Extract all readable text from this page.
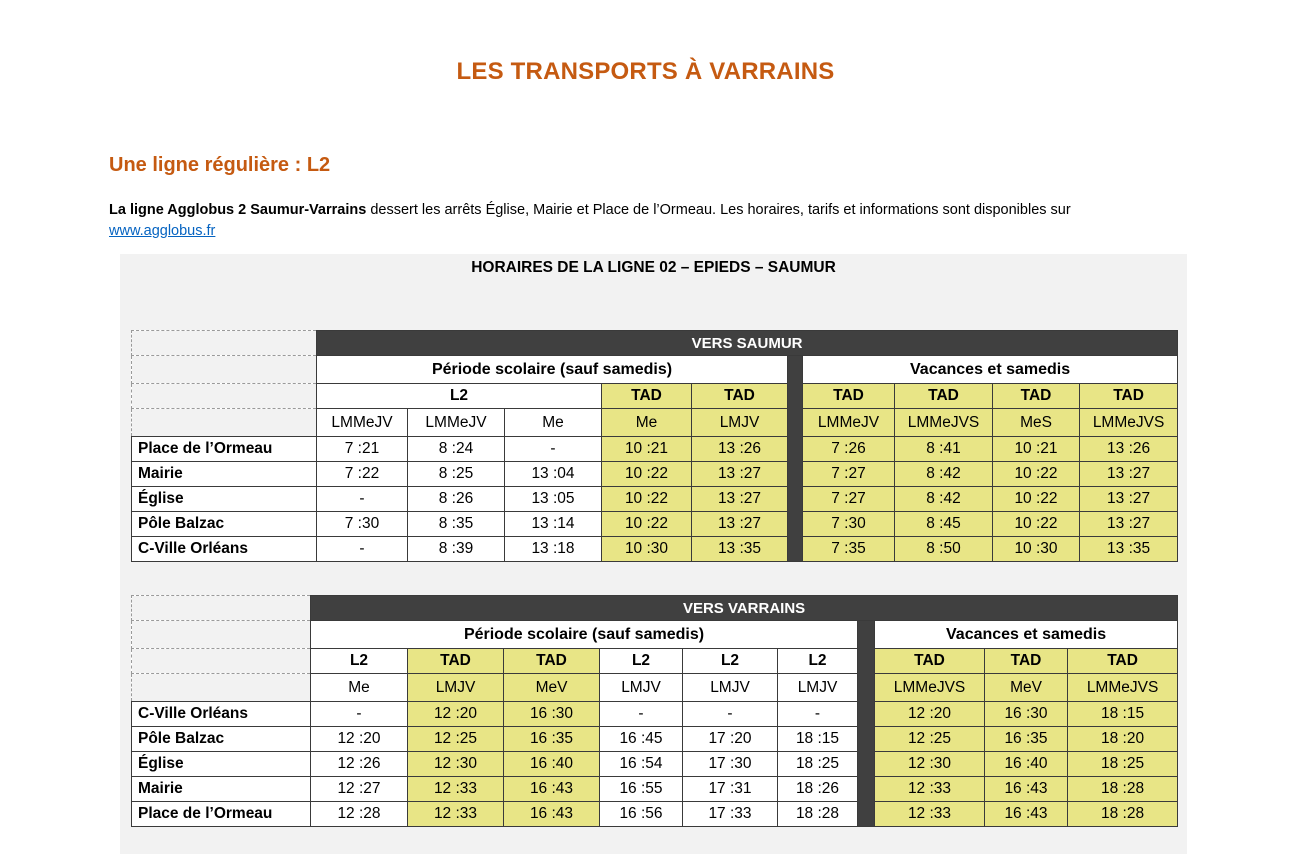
LES TRANSPORTS À VARRAINS
Une ligne régulière : L2
La ligne Agglobus 2 Saumur-Varrains dessert les arrêts Église, Mairie et Place de l’Ormeau. Les horaires, tarifs et informations sont disponibles sur
www.agglobus.fr
HORAIRES DE LA LIGNE 02 – EPIEDS – SAUMUR
	VERS SAUMUR									
	Période scolaire (sauf samedis)						Vacances et samedis			
	L2			TAD	TAD		TAD	TAD	TAD	TAD
	LMMeJV	LMMeJV	Me	Me	LMJV		LMMeJV	LMMeJVS	MeS	LMMeJVS
Place de l’Ormeau	7 :21	8 :24	-	10 :21	13 :26		7 :26	8 :41	10 :21	13 :26
Mairie	7 :22	8 :25	13 :04	10 :22	13 :27		7 :27	8 :42	10 :22	13 :27
Église	-	8 :26	13 :05	10 :22	13 :27		7 :27	8 :42	10 :22	13 :27
Pôle Balzac	7 :30	8 :35	13 :14	10 :22	13 :27		7 :30	8 :45	10 :22	13 :27
C-Ville Orléans	-	8 :39	13 :18	10 :30	13 :35		7 :35	8 :50	10 :30	13 :35
	VERS VARRAINS									
	Période scolaire (sauf samedis)							Vacances et samedis		
	L2	TAD	TAD	L2	L2	L2		TAD	TAD	TAD
	Me	LMJV	MeV	LMJV	LMJV	LMJV		LMMeJVS	MeV	LMMeJVS
C-Ville Orléans	-	12 :20	16 :30	-	-	-		12 :20	16 :30	18 :15
Pôle Balzac	12 :20	12 :25	16 :35	16 :45	17 :20	18 :15		12 :25	16 :35	18 :20
Église	12 :26	12 :30	16 :40	16 :54	17 :30	18 :25		12 :30	16 :40	18 :25
Mairie	12 :27	12 :33	16 :43	16 :55	17 :31	18 :26		12 :33	16 :43	18 :28
Place de l’Ormeau	12 :28	12 :33	16 :43	16 :56	17 :33	18 :28		12 :33	16 :43	18 :28
